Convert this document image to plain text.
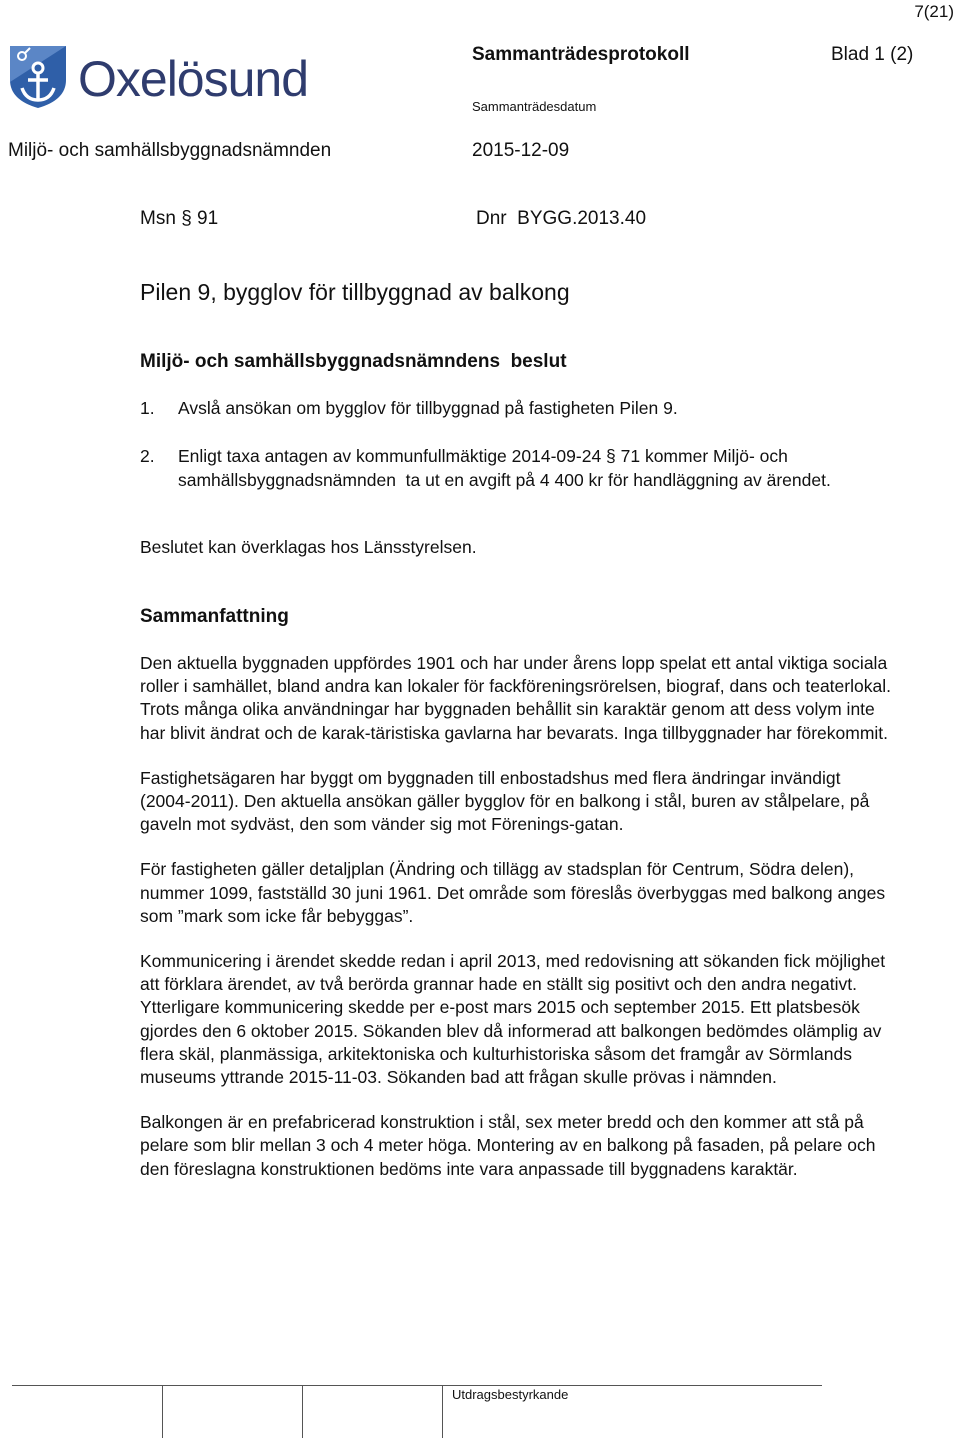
7(21)
Oxelösund	Sammanträdesprotokoll	Blad 1 (2)
Sammanträdesdatum
Miljö- och samhällsbyggnadsnämnden	2015-12-09
Msn § 91	Dnr  BYGG.2013.40
Pilen 9, bygglov för tillbyggnad av balkong
Miljö- och samhällsbyggnadsnämndens  beslut
1. Avslå ansökan om bygglov för tillbyggnad på fastigheten Pilen 9.
2. Enligt taxa antagen av kommunfullmäktige 2014-09-24 § 71 kommer Miljö- och samhällsbyggnadsnämnden  ta ut en avgift på 4 400 kr för handläggning av ärendet.
Beslutet kan överklagas hos Länsstyrelsen.
Sammanfattning

Den aktuella byggnaden uppfördes 1901 och har under årens lopp spelat ett antal viktiga sociala roller i samhället, bland andra kan lokaler för fackföreningsrörelsen, biograf, dans och teaterlokal. Trots många olika användningar har byggnaden behållit sin karaktär genom att dess volym inte har blivit ändrat och de karak-täristiska gavlarna har bevarats. Inga tillbyggnader har förekommit.

Fastighetsägaren har byggt om byggnaden till enbostadshus med flera ändringar invändigt (2004-2011). Den aktuella ansökan gäller bygglov för en balkong i stål, buren av stålpelare, på gaveln mot sydväst, den som vänder sig mot Förenings-gatan.

För fastigheten gäller detaljplan (Ändring och tillägg av stadsplan för Centrum, Södra delen), nummer 1099, fastställd 30 juni 1961. Det område som föreslås överbyggas med balkong anges som ”mark som icke får bebyggas”.

Kommunicering i ärendet skedde redan i april 2013, med redovisning att sökanden fick möjlighet att förklara ärendet, av två berörda grannar hade en ställt sig positivt och den andra negativt. Ytterligare kommunicering skedde per e-post mars 2015 och september 2015. Ett platsbesök gjordes den 6 oktober 2015. Sökanden blev då informerad att balkongen bedömdes olämplig av flera skäl, planmässiga, arkitektoniska och kulturhistoriska såsom det framgår av Sörmlands museums yttrande 2015-11-03. Sökanden bad att frågan skulle prövas i nämnden.

Balkongen är en prefabricerad konstruktion i stål, sex meter bredd och den kommer att stå på pelare som blir mellan 3 och 4 meter höga. Montering av en balkong på fasaden, på pelare och den föreslagna konstruktionen bedöms inte vara anpassade till byggnadens karaktär.

Utdragsbestyrkande
